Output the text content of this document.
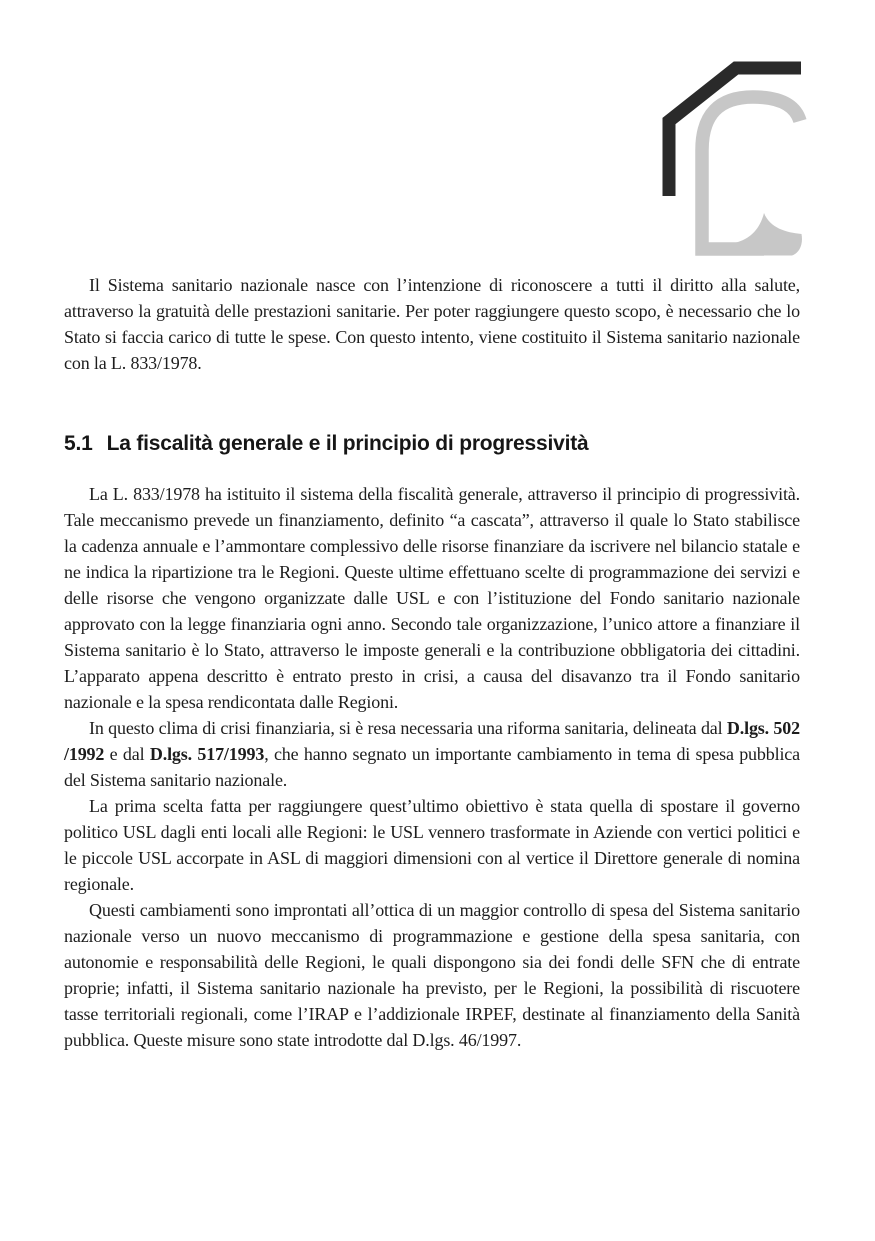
Il Sistema sanitario nazionale nasce con l’intenzione di riconoscere a tutti il diritto alla salute, attraverso la gratuità delle prestazioni sanitarie. Per poter raggiungere questo scopo, è necessario che lo Stato si faccia carico di tutte le spese. Con questo intento, viene costituito il Sistema sanitario nazionale con la L. 833/1978.

5.1 La fiscalità generale e il principio di progressività

La L. 833/1978 ha istituito il sistema della fiscalità generale, attraverso il principio di progressività. Tale meccanismo prevede un finanziamento, definito “a cascata”, attraverso il quale lo Stato stabilisce la cadenza annuale e l’ammontare complessivo delle risorse finanziare da iscrivere nel bilancio statale e ne indica la ripartizione tra le Regioni. Queste ultime effettuano scelte di programmazione dei servizi e delle risorse che vengono organizzate dalle USL e con l’istituzione del Fondo sanitario nazionale approvato con la legge finanziaria ogni anno. Secondo tale organizzazione, l’unico attore a finanziare il Sistema sanitario è lo Stato, attraverso le imposte generali e la contribuzione obbligatoria dei cittadini. L’apparato appena descritto è entrato presto in crisi, a causa del disavanzo tra il Fondo sanitario nazionale e la spesa rendicontata dalle Regioni.

In questo clima di crisi finanziaria, si è resa necessaria una riforma sanitaria, delineata dal D.lgs. 502 /1992 e dal D.lgs. 517/1993, che hanno segnato un importante cambiamento in tema di spesa pubblica del Sistema sanitario nazionale.

La prima scelta fatta per raggiungere quest’ultimo obiettivo è stata quella di spostare il governo politico USL dagli enti locali alle Regioni: le USL vennero trasformate in Aziende con vertici politici e le piccole USL accorpate in ASL di maggiori dimensioni con al vertice il Direttore generale di nomina regionale.

Questi cambiamenti sono improntati all’ottica di un maggior controllo di spesa del Sistema sanitario nazionale verso un nuovo meccanismo di programmazione e gestione della spesa sanitaria, con autonomie e responsabilità delle Regioni, le quali dispongono sia dei fondi delle SFN che di entrate proprie; infatti, il Sistema sanitario nazionale ha previsto, per le Regioni, la possibilità di riscuotere tasse territoriali regionali, come l’IRAP e l’addizionale IRPEF, destinate al finanziamento della Sanità pubblica. Queste misure sono state introdotte dal D.lgs. 46/1997.
